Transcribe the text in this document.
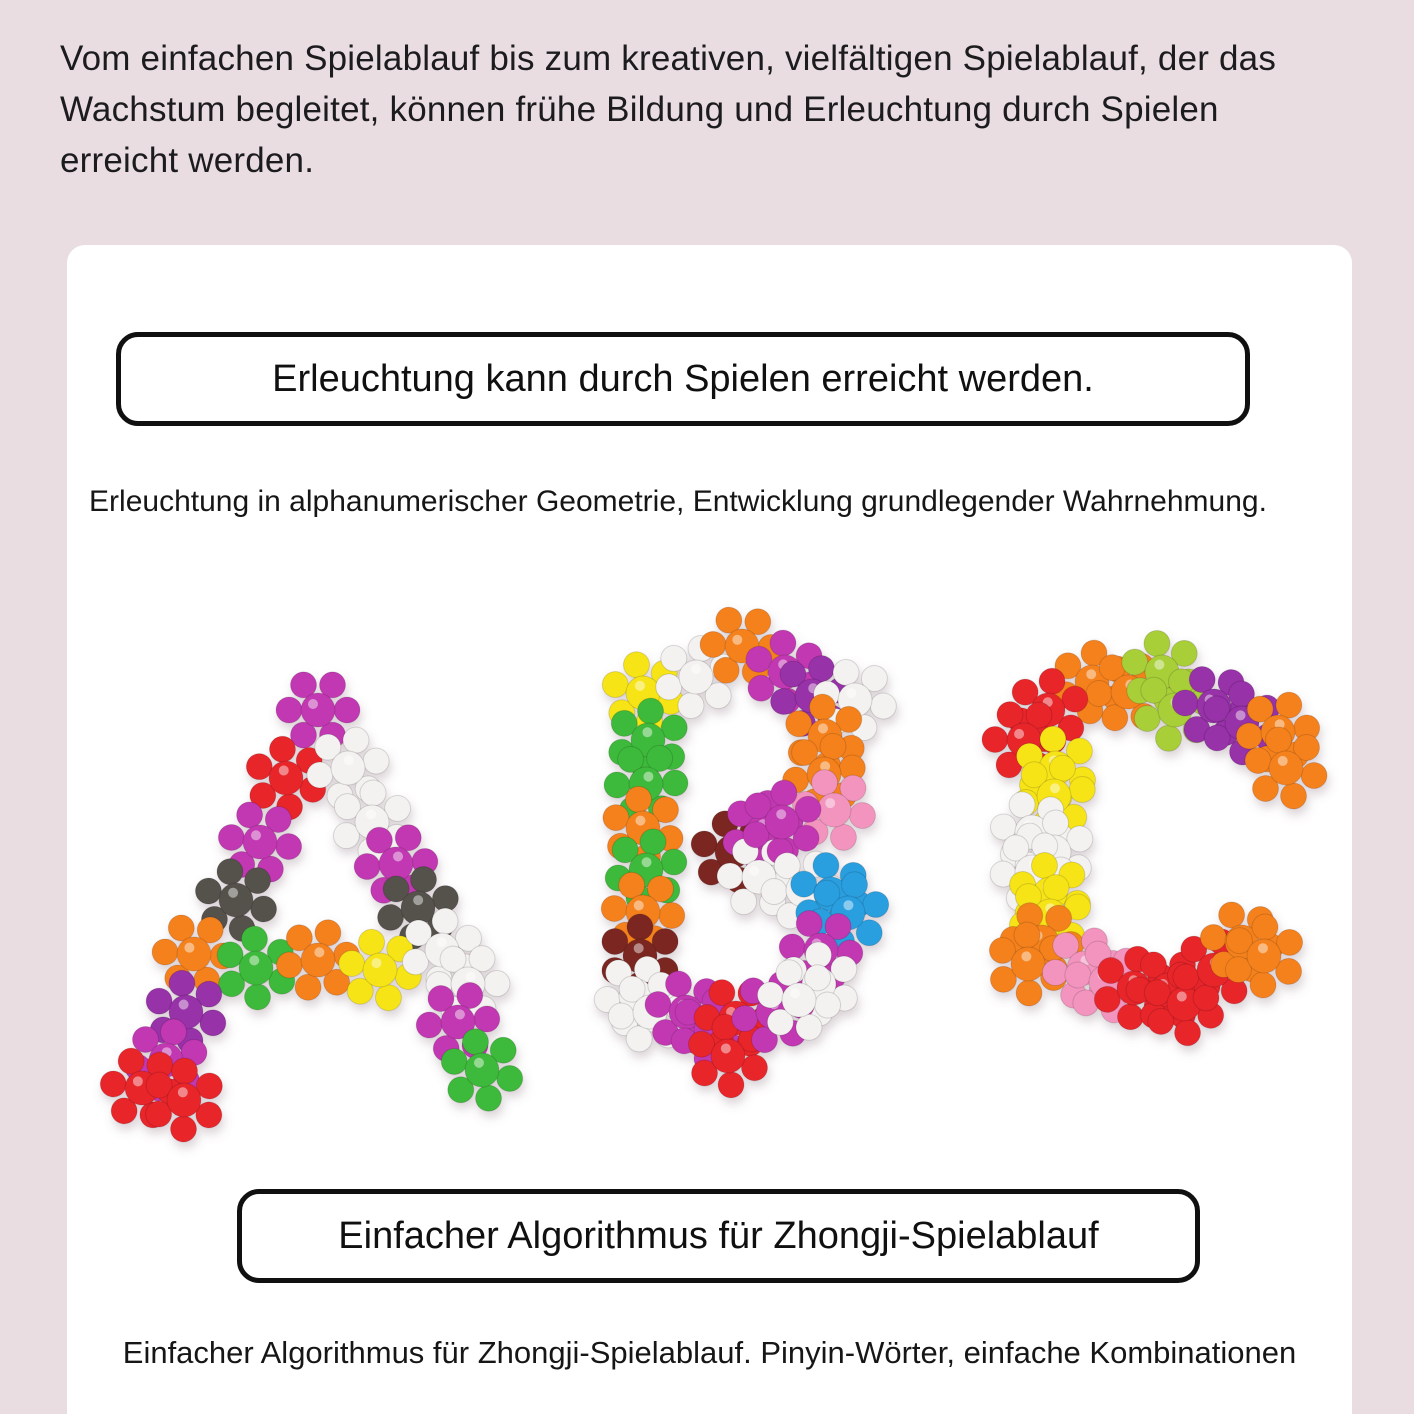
Vom einfachen Spielablauf bis zum kreativen, vielfältigen Spielablauf, der das Wachstum begleitet, können frühe Bildung und Erleuchtung durch Spielen erreicht werden.

Erleuchtung kann durch Spielen erreicht werden.

Erleuchtung in alphanumerischer Geometrie, Entwicklung grundlegender Wahrnehmung.

Einfacher Algorithmus für Zhongji-Spielablauf

Einfacher Algorithmus für Zhongji-Spielablauf. Pinyin-Wörter, einfache Kombinationen
